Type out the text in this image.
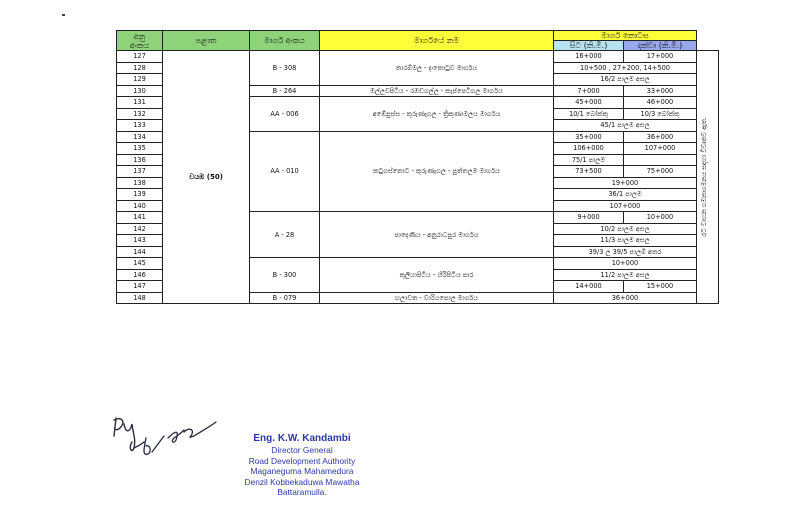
අනු
අංකය	පළාත	මාර්ග අංකය	මාර්ගයේ නම	මාර්ග කොටස		
				සිට (කි.මී.)	දක්වා (කි.මී.)	
127	වයඹ (50)	B - 308	තාරම්මල - දංකොටුව මාර්ගය	16+000	17+000	රට වාහන ගමනාගමනය සඳහා විවෘතව ඇත.

128				10+500 , 27+200, 14+500		
129				16/2 පාලම අසල		
130		B - 264	මල්ලවපිටිය - රඹඩගල්ල - කැප්පෙටිගල මාර්ගය	7+000	33+000	
131		AA - 006	අඹේපුස්ස - කුරුණෑගල - ත්‍රිකුණාමලය මාර්ගය	45+000	46+000	
132				10/1 බෝක්කු	10/3 බෝක්කු	
133				45/1 පාලම අසල		
134		AA - 010	කටුගස්තොට - කුරුණෑගල - පුත්තලම මාර්ගය	35+000	36+000	
135				106+000	107+000	
136				75/1 පාලම		
137				73+500	75+000	
138				19+000		
139				36/1 පාලම		
140				107+000		
141		A - 28	පාදෙණිය - අනුරාධපුර මාර්ගය	9+000	10+000	
142				10/2 පාලම අසල		
143				11/3 පාලම අසල		
144				39/3 ල 39/5 පාලම් අතර		
145		B - 300	කුලියාපිටිය - හිරිපිටිය පාර	10+000		
146				11/2 පාලම අසල		
147				14+000	15+000	
148		B - 079	හලාවත - වාරියපොල මාර්ගය	36+000		
Eng. K.W. Kandambi
Director General
Road Development Authority
Maganeguma Mahamedura
Denzil Kobbekaduwa Mawatha
Battaramulla.
